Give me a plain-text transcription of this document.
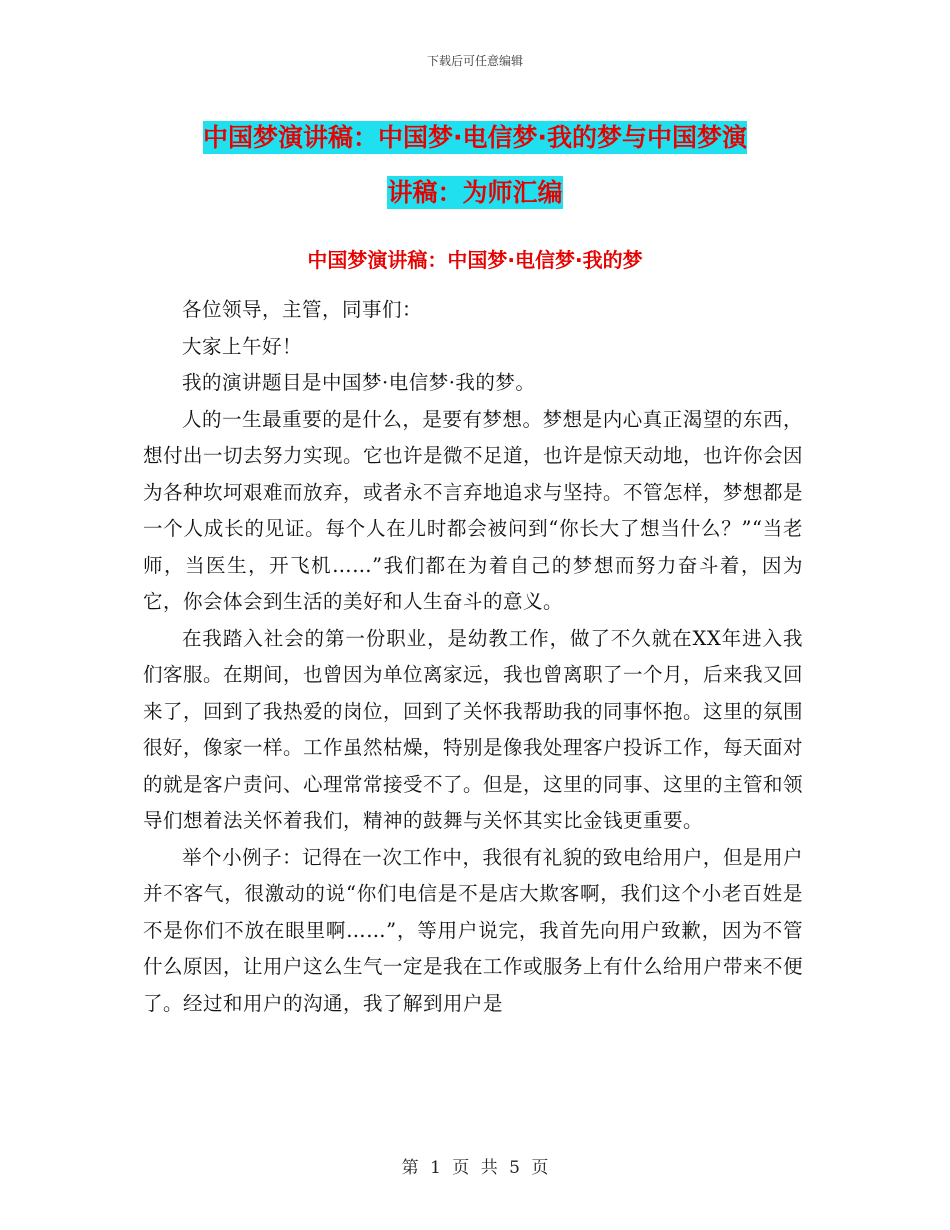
下载后可任意编辑
中国梦演讲稿：中国梦·电信梦·我的梦与中国梦演
讲稿：为师汇编
中国梦演讲稿：中国梦·电信梦·我的梦

各位领导，主管，同事们：

大家上午好！

我的演讲题目是中国梦·电信梦·我的梦。

人的一生最重要的是什么，是要有梦想。梦想是内心真正渴望的东西，想付出一切去努力实现。它也许是微不足道，也许是惊天动地，也许你会因为各种坎坷艰难而放弃，或者永不言弃地追求与坚持。不管怎样，梦想都是一个人成长的见证。每个人在儿时都会被问到“你长大了想当什么？”“当老师，当医生，开飞机……”我们都在为着自己的梦想而努力奋斗着，因为它，你会体会到生活的美好和人生奋斗的意义。

在我踏入社会的第一份职业，是幼教工作，做了不久就在XX年进入我们客服。在期间，也曾因为单位离家远，我也曾离职了一个月，后来我又回来了，回到了我热爱的岗位，回到了关怀我帮助我的同事怀抱。这里的氛围很好，像家一样。工作虽然枯燥，特别是像我处理客户投诉工作，每天面对的就是客户责问、心理常常接受不了。但是，这里的同事、这里的主管和领导们想着法关怀着我们，精神的鼓舞与关怀其实比金钱更重要。

举个小例子：记得在一次工作中，我很有礼貌的致电给用户，但是用户并不客气，很激动的说“你们电信是不是店大欺客啊，我们这个小老百姓是不是你们不放在眼里啊……”，等用户说完，我首先向用户致歉，因为不管什么原因，让用户这么生气一定是我在工作或服务上有什么给用户带来不便了。经过和用户的沟通，我了解到用户是

第 1 页 共 5 页
